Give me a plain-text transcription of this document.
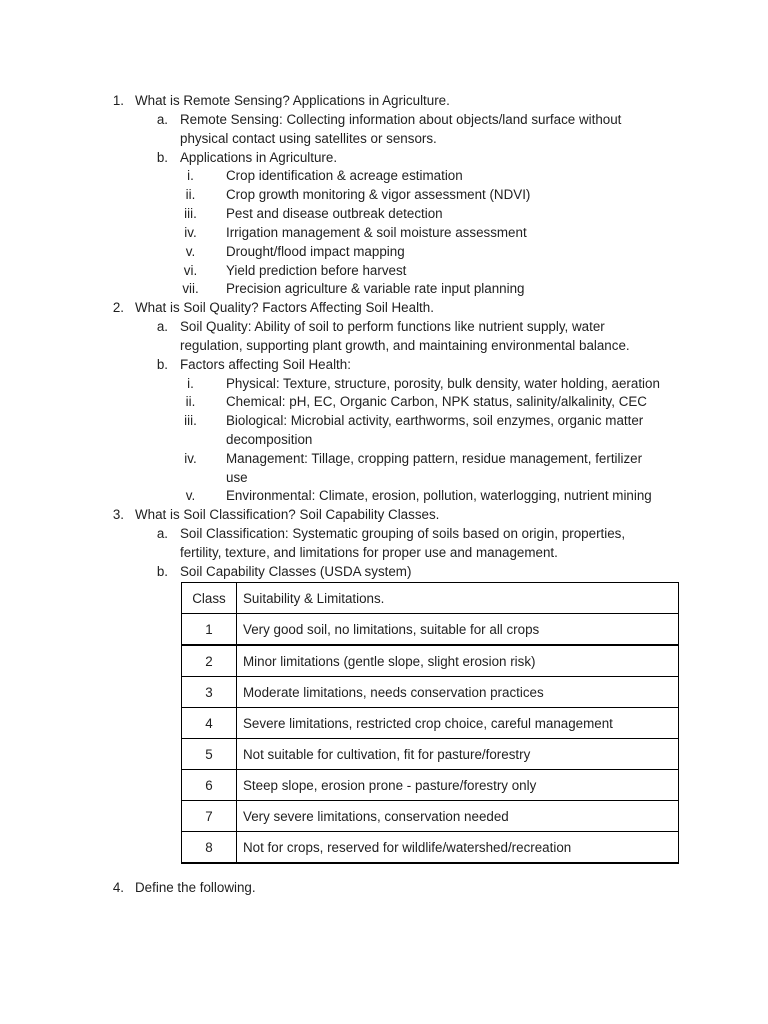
1. What is Remote Sensing? Applications in Agriculture.
a. Remote Sensing: Collecting information about objects/land surface without
physical contact using satellites or sensors.
b. Applications in Agriculture.
i.	Crop identification & acreage estimation
ii.	Crop growth monitoring & vigor assessment (NDVI)
iii.	Pest and disease outbreak detection
iv.	Irrigation management & soil moisture assessment
v.	Drought/flood impact mapping
vi.	Yield prediction before harvest
vii.	Precision agriculture & variable rate input planning
2. What is Soil Quality? Factors Affecting Soil Health.
a. Soil Quality: Ability of soil to perform functions like nutrient supply, water
regulation, supporting plant growth, and maintaining environmental balance.
b. Factors affecting Soil Health:
i.	Physical: Texture, structure, porosity, bulk density, water holding, aeration
ii.	Chemical: pH, EC, Organic Carbon, NPK status, salinity/alkalinity, CEC
iii.	Biological: Microbial activity, earthworms, soil enzymes, organic matter
decomposition
iv.	Management: Tillage, cropping pattern, residue management, fertilizer
use
v.	Environmental: Climate, erosion, pollution, waterlogging, nutrient mining
3. What is Soil Classification? Soil Capability Classes.
a. Soil Classification: Systematic grouping of soils based on origin, properties,
fertility, texture, and limitations for proper use and management.
b. Soil Capability Classes (USDA system)
Class	Suitability & Limitations.
1	Very good soil, no limitations, suitable for all crops
2	Minor limitations (gentle slope, slight erosion risk)
3	Moderate limitations, needs conservation practices
4	Severe limitations, restricted crop choice, careful management
5	Not suitable for cultivation, fit for pasture/forestry
6	Steep slope, erosion prone - pasture/forestry only
7	Very severe limitations, conservation needed
8	Not for crops, reserved for wildlife/watershed/recreation
4. Define the following.
